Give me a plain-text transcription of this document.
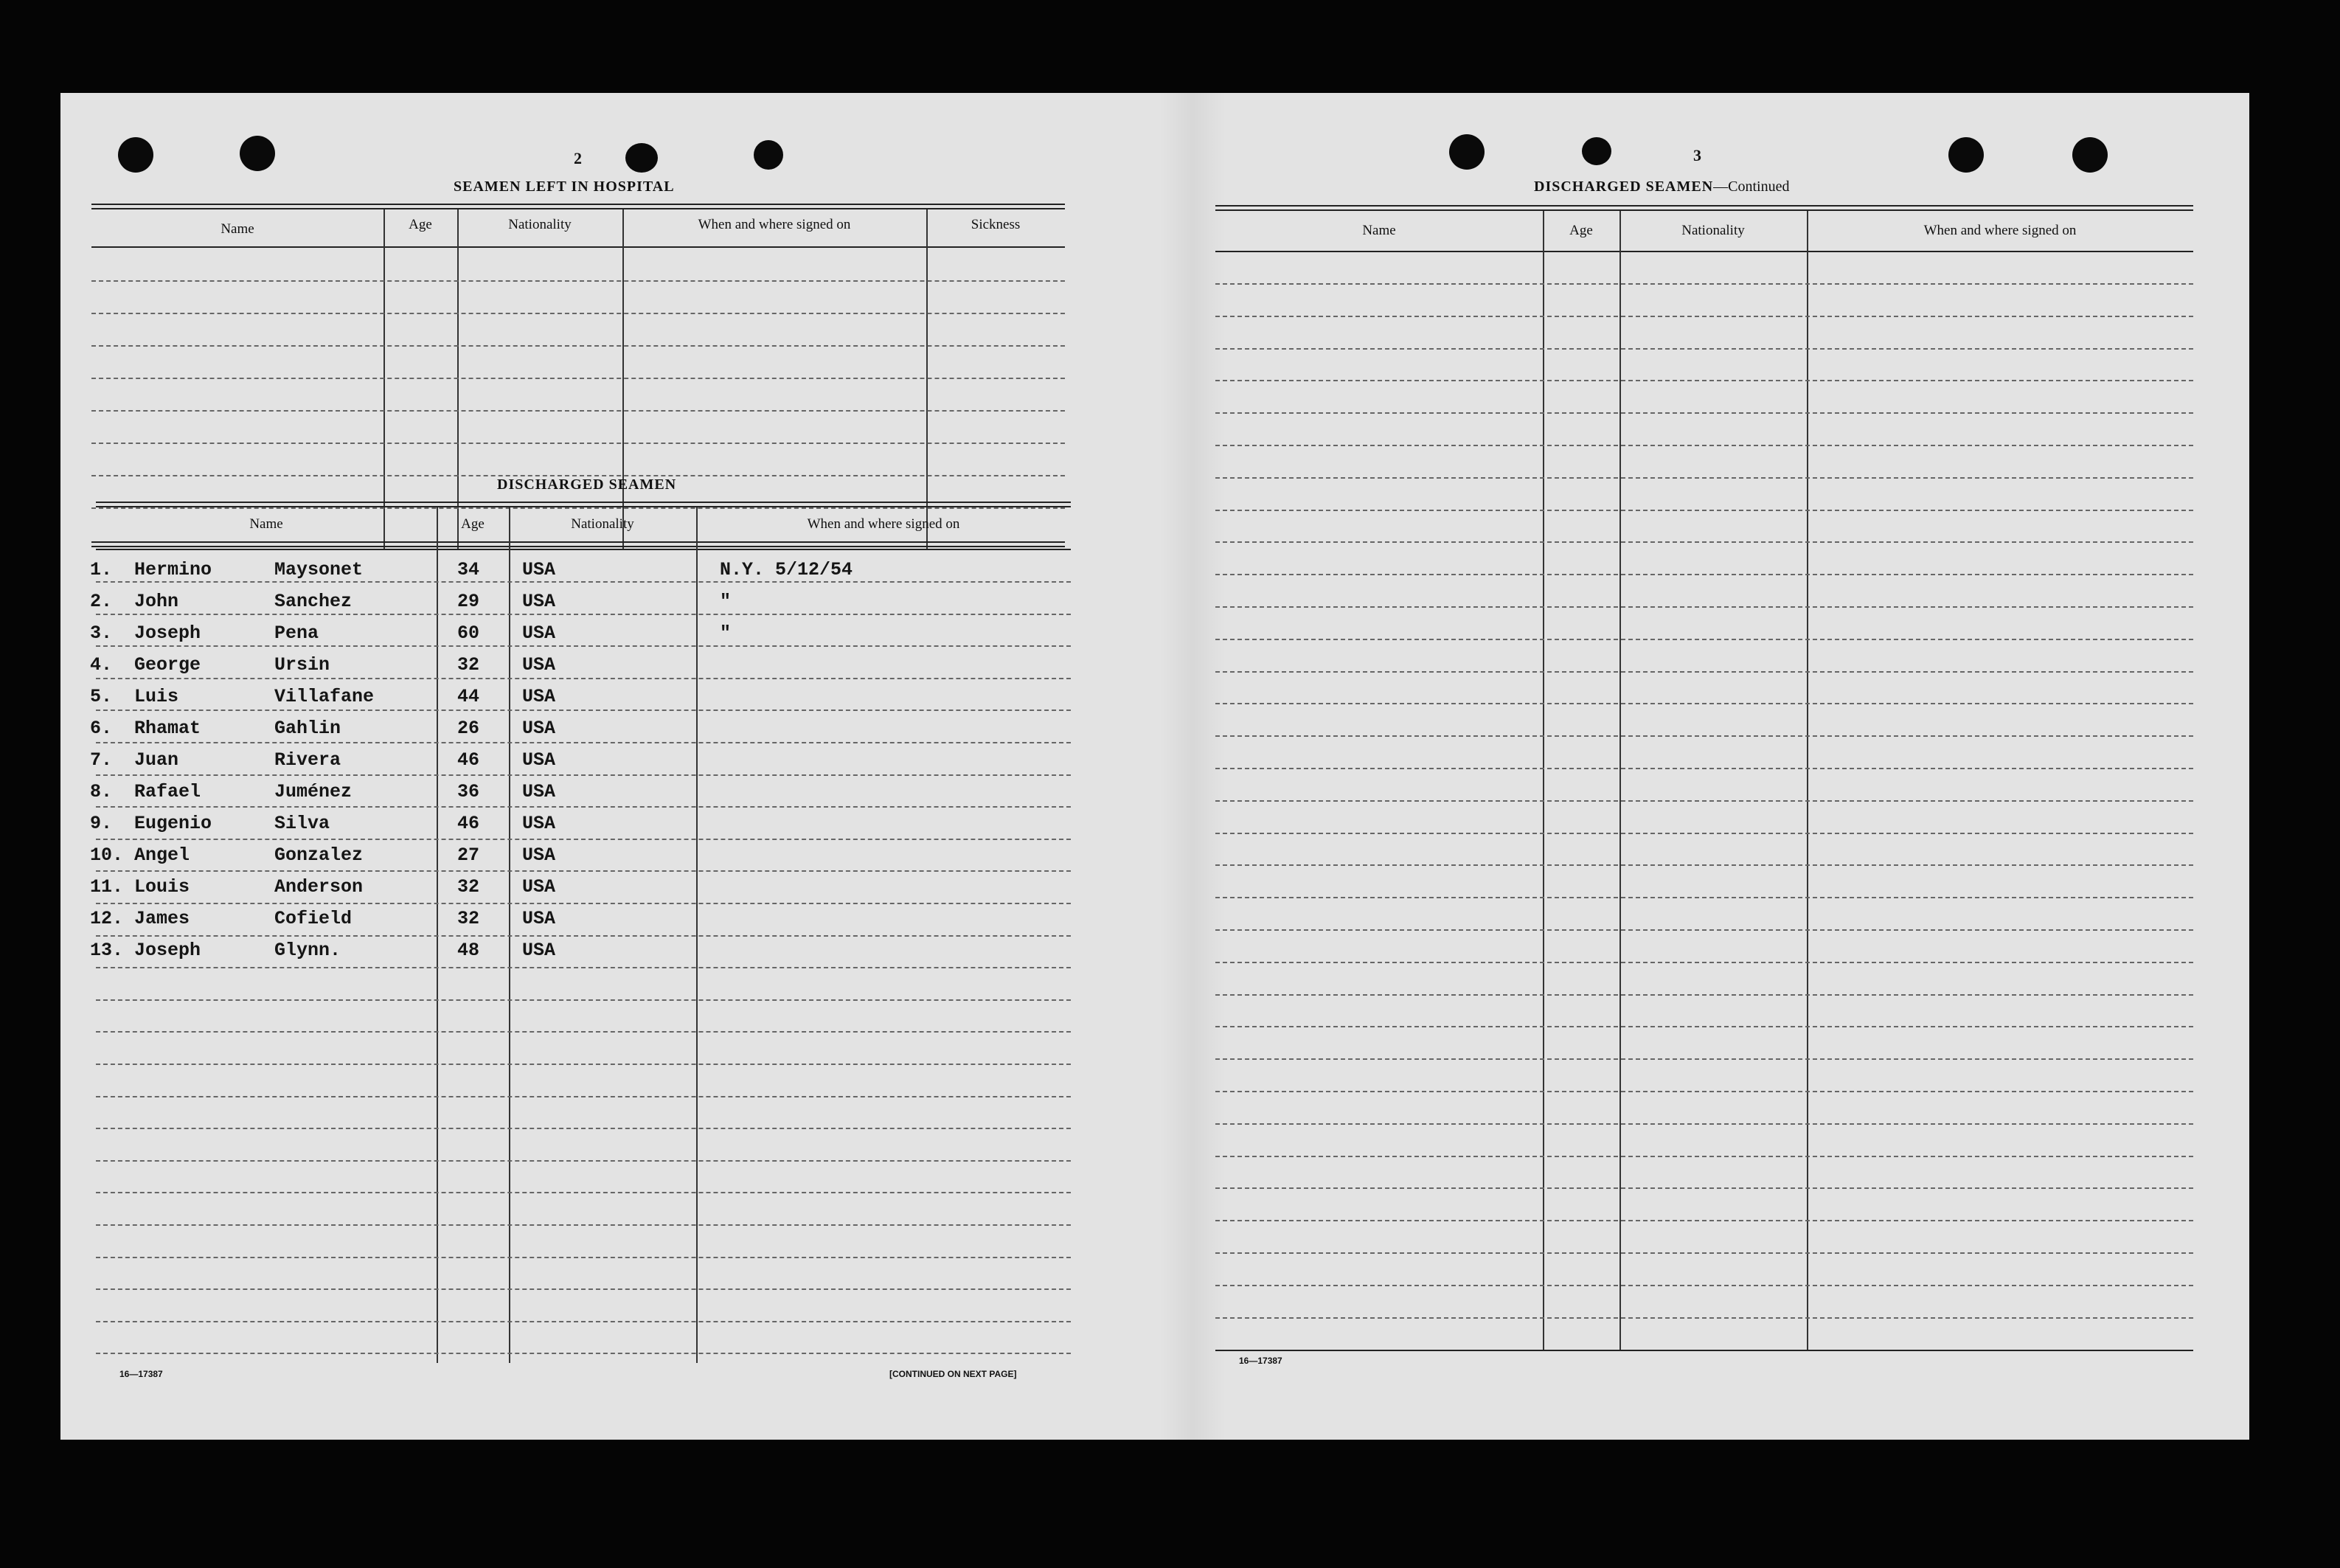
2
SEAMEN LEFT IN HOSPITAL
Name	Age	Nationality	When and where signed on	Sickness
DISCHARGED SEAMEN
Name	Age	Nationality	When and where signed on
1. Hermino	Maysonet	34 USA	N.Y. 5/12/54
2. John	Sanchez	29 USA	"
3. Joseph	Pena	60 USA	"
4. George	Ursin	32 USA
5. Luis	Villafane	44 USA
6. Rhamat	Gahlin	26 USA
7. Juan	Rivera	46 USA
8. Rafael	Juménez	36 USA
9. Eugenio	Silva	46 USA
10. Angel	Gonzalez	27 USA
11. Louis	Anderson	32 USA
12. James	Cofield	32 USA
13. Joseph	Glynn.	48 USA
16—17387	[CONTINUED ON NEXT PAGE]
3
DISCHARGED SEAMEN—Continued
Name	Age	Nationality	When and where signed on
16—17387
